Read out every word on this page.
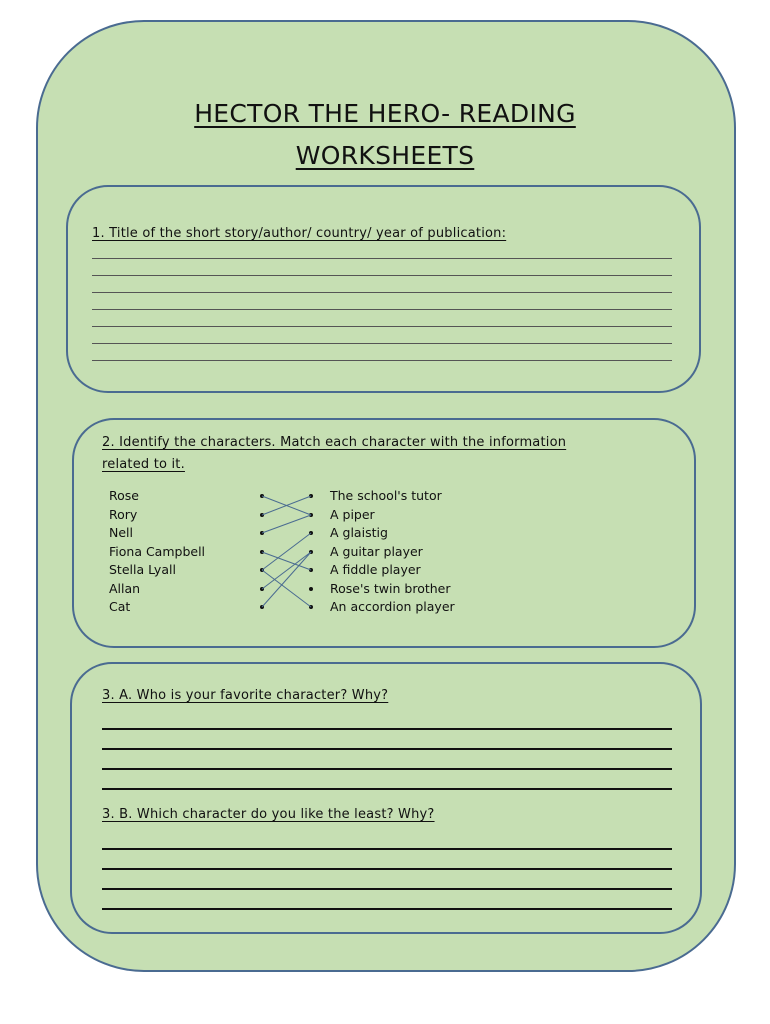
HECTOR THE HERO- READING
WORKSHEETS
1. Title of the short story/author/ country/ year of publication:
2. Identify the characters. Match each character with the information
related to it.
Rose
Rory
Nell
Fiona Campbell
Stella Lyall
Allan
Cat
The school's tutor
A piper
A glaistig
A guitar player
A fiddle player
Rose's twin brother
An accordion player
3. A. Who is your favorite character? Why?
3. B. Which character do you like the least? Why?
